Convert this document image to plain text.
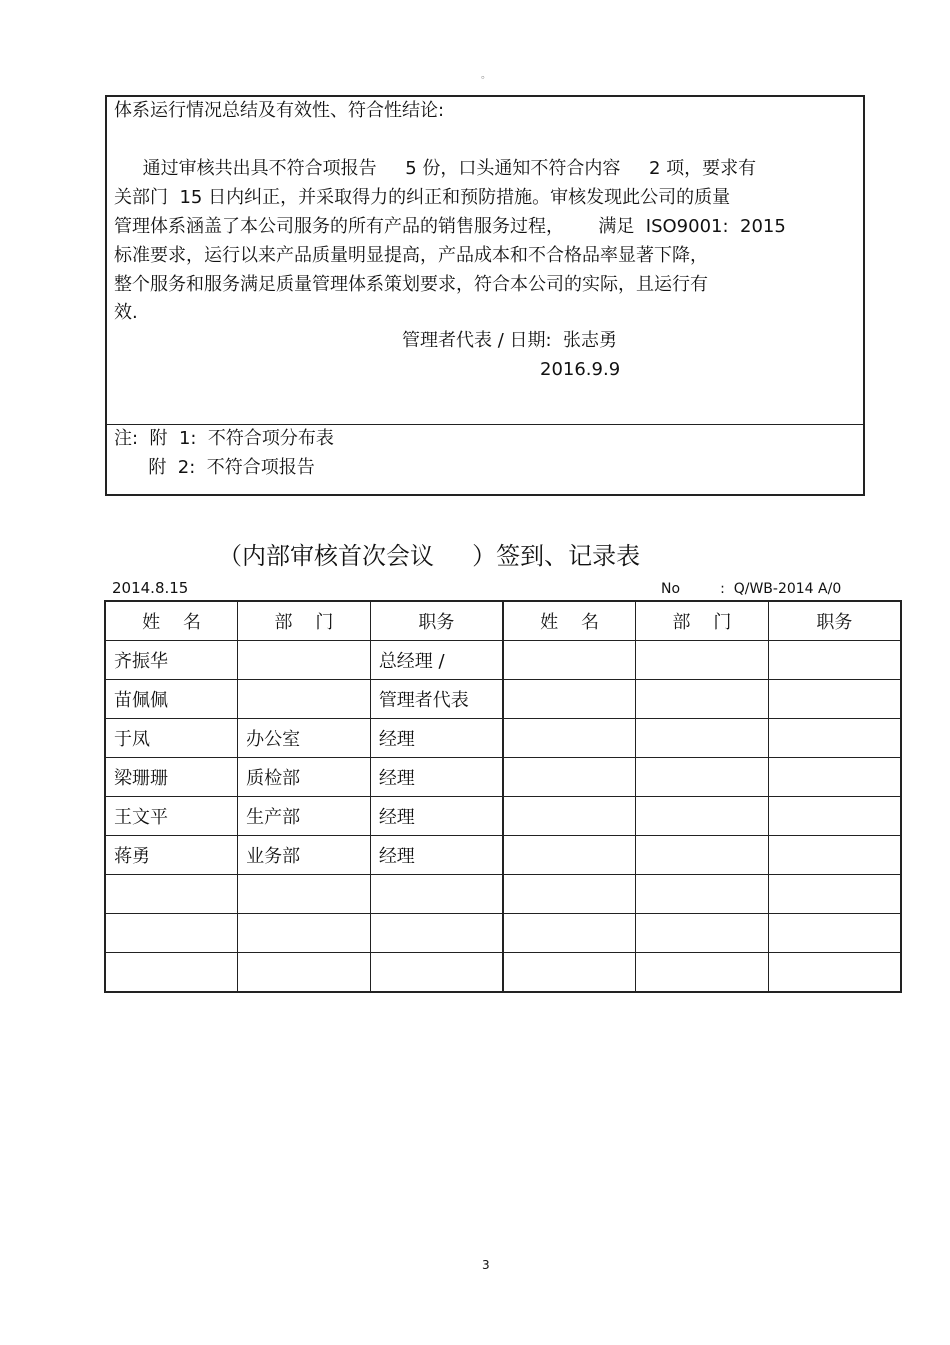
。
体系运行情况总结及有效性、符合性结论:
通过审核共出具不符合项报告     5 份，口头通知不符合内容     2 项，要求有
关部门  15 日内纠正，并采取得力的纠正和预防措施。审核发现此公司的质量
管理体系涵盖了本公司服务的所有产品的销售服务过程，      满足  ISO9001:  2015
标准要求，运行以来产品质量明显提高，产品成本和不合格品率显著下降，
整个服务和服务满足质量管理体系策划要求，符合本公司的实际，且运行有
效.
管理者代表 / 日期:  张志勇
2016.9.9
注:  附  1:  不符合项分布表
附  2:  不符合项报告
（内部审核首次会议     ）签到、记录表
2014.8.15	No         :  Q/WB-2014 A/0
姓    名	部    门	职务	姓    名	部    门	职务
齐振华		总经理 /			
苗佩佩		管理者代表			
于凤	办公室	经理			
梁珊珊	质检部	经理			
王文平	生产部	经理			
蒋勇	业务部	经理			

3
